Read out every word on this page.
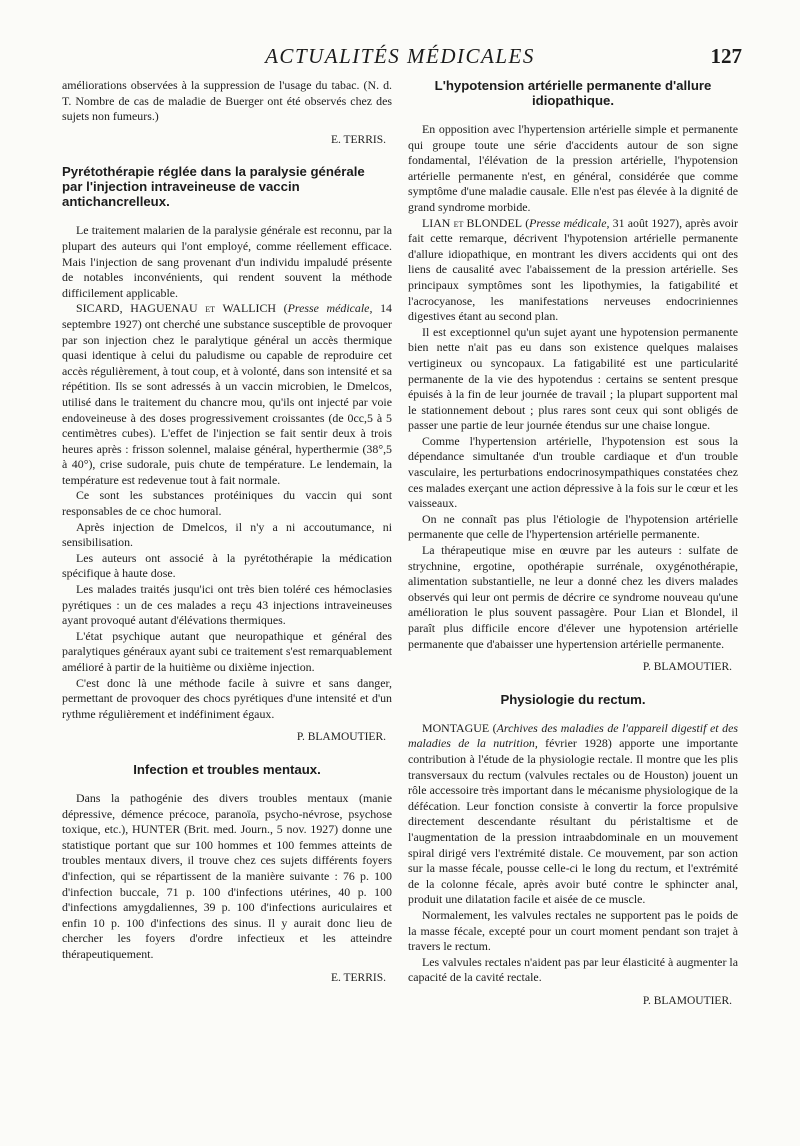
ACTUALITÉS MÉDICALES	127

améliorations observées à la suppression de l'usage du tabac. (N. d. T. Nombre de cas de maladie de Buerger ont été observés chez des sujets non fumeurs.)

E. TERRIS.
Pyrétothérapie réglée dans la paralysie générale par l'injection intraveineuse de vaccin antichancrelleux.

Le traitement malarien de la paralysie générale est reconnu, par la plupart des auteurs qui l'ont employé, comme réellement efficace. Mais l'injection de sang provenant d'un individu impaludé présente de notables inconvénients, qui rendent souvent la méthode difficilement applicable.

SICARD, HAGUENAU et WALLICH (Presse médicale, 14 septembre 1927) ont cherché une substance susceptible de provoquer par son injection chez le paralytique général un accès thermique quasi identique à celui du paludisme ou capable de reproduire cet accès régulièrement, à tout coup, et à volonté, dans son intensité et sa répétition. Ils se sont adressés à un vaccin microbien, le Dmelcos, utilisé dans le traitement du chancre mou, qu'ils ont injecté par voie endoveineuse à des doses progressivement croissantes (de 0cc,5 à 5 centimètres cubes). L'effet de l'injection se fait sentir deux à trois heures après : frisson solennel, malaise général, hyperthermie (38°,5 à 40°), crise sudorale, puis chute de température. Le lendemain, la température est redevenue tout à fait normale.

Ce sont les substances protéiniques du vaccin qui sont responsables de ce choc humoral.

Après injection de Dmelcos, il n'y a ni accoutumance, ni sensibilisation.

Les auteurs ont associé à la pyrétothérapie la médication spécifique à haute dose.

Les malades traités jusqu'ici ont très bien toléré ces hémoclasies pyrétiques : un de ces malades a reçu 43 injections intraveineuses ayant provoqué autant d'élévations thermiques.

L'état psychique autant que neuropathique et général des paralytiques généraux ayant subi ce traitement s'est remarquablement amélioré à partir de la huitième ou dixième injection.

C'est donc là une méthode facile à suivre et sans danger, permettant de provoquer des chocs pyrétiques d'une intensité et d'un rythme régulièrement et indéfiniment égaux.

P. BLAMOUTIER.
Infection et troubles mentaux.

Dans la pathogénie des divers troubles mentaux (manie dépressive, démence précoce, paranoïa, psycho-névrose, psychose toxique, etc.), HUNTER (Brit. med. Journ., 5 nov. 1927) donne une statistique portant que sur 100 hommes et 100 femmes atteints de troubles mentaux divers, il trouve chez ces sujets différents foyers d'infection, qui se répartissent de la manière suivante : 76 p. 100 d'infection buccale, 71 p. 100 d'infections utérines, 40 p. 100 d'infections amygdaliennes, 39 p. 100 d'infections auriculaires et enfin 10 p. 100 d'infections des sinus. Il y aurait donc lieu de chercher les foyers d'ordre infectieux et les atteindre thérapeutiquement.

E. TERRIS.
L'hypotension artérielle permanente d'allure idiopathique.

En opposition avec l'hypertension artérielle simple et permanente qui groupe toute une série d'accidents autour de son signe fondamental, l'élévation de la pression artérielle, l'hypotension artérielle permanente n'est, en général, considérée que comme symptôme d'une maladie causale. Elle n'est pas élevée à la dignité de grand syndrome morbide.

LIAN et BLONDEL (Presse médicale, 31 août 1927), après avoir fait cette remarque, décrivent l'hypotension artérielle permanente d'allure idiopathique, en montrant les divers accidents qui ont des liens de causalité avec l'abaissement de la pression artérielle. Ses principaux symptômes sont les lipothymies, la fatigabilité et l'acrocyanose, les manifestations nerveuses endocriniennes digestives étant au second plan.

Il est exceptionnel qu'un sujet ayant une hypotension permanente bien nette n'ait pas eu dans son existence quelques malaises vertigineux ou syncopaux. La fatigabilité est une particularité permanente de la vie des hypotendus : certains se sentent presque épuisés à la fin de leur journée de travail ; la plupart supportent mal le stationnement debout ; plus rares sont ceux qui sont obligés de passer une partie de leur journée étendus sur une chaise longue.

Comme l'hypertension artérielle, l'hypotension est sous la dépendance simultanée d'un trouble cardiaque et d'un trouble vasculaire, les perturbations endocrinosympathiques constatées chez ces malades exerçant une action dépressive à la fois sur le cœur et les vaisseaux.

On ne connaît pas plus l'étiologie de l'hypotension artérielle permanente que celle de l'hypertension artérielle permanente.

La thérapeutique mise en œuvre par les auteurs : sulfate de strychnine, ergotine, opothérapie surrénale, oxygénothérapie, alimentation substantielle, ne leur a donné chez les divers malades observés qui leur ont permis de décrire ce syndrome nouveau qu'une amélioration le plus souvent passagère. Pour Lian et Blondel, il paraît plus difficile encore d'élever une hypotension artérielle permanente que d'abaisser une hypertension artérielle permanente.

P. BLAMOUTIER.
Physiologie du rectum.

MONTAGUE (Archives des maladies de l'appareil digestif et des maladies de la nutrition, février 1928) apporte une importante contribution à l'étude de la physiologie rectale. Il montre que les plis transversaux du rectum (valvules rectales ou de Houston) jouent un rôle accessoire très important dans le mécanisme physiologique de la défécation. Leur fonction consiste à convertir la force propulsive directement descendante résultant du péristaltisme et de l'augmentation de la pression intraabdominale en un mouvement spiral dirigé vers l'extrémité distale. Ce mouvement, par son action sur la masse fécale, pousse celle-ci le long du rectum, et l'extrémité de la colonne fécale, après avoir buté contre le sphincter anal, produit une dilatation facile et aisée de ce muscle.

Normalement, les valvules rectales ne supportent pas le poids de la masse fécale, excepté pour un court moment pendant son trajet à travers le rectum.

Les valvules rectales n'aident pas par leur élasticité à augmenter la capacité de la cavité rectale.

P. BLAMOUTIER.
